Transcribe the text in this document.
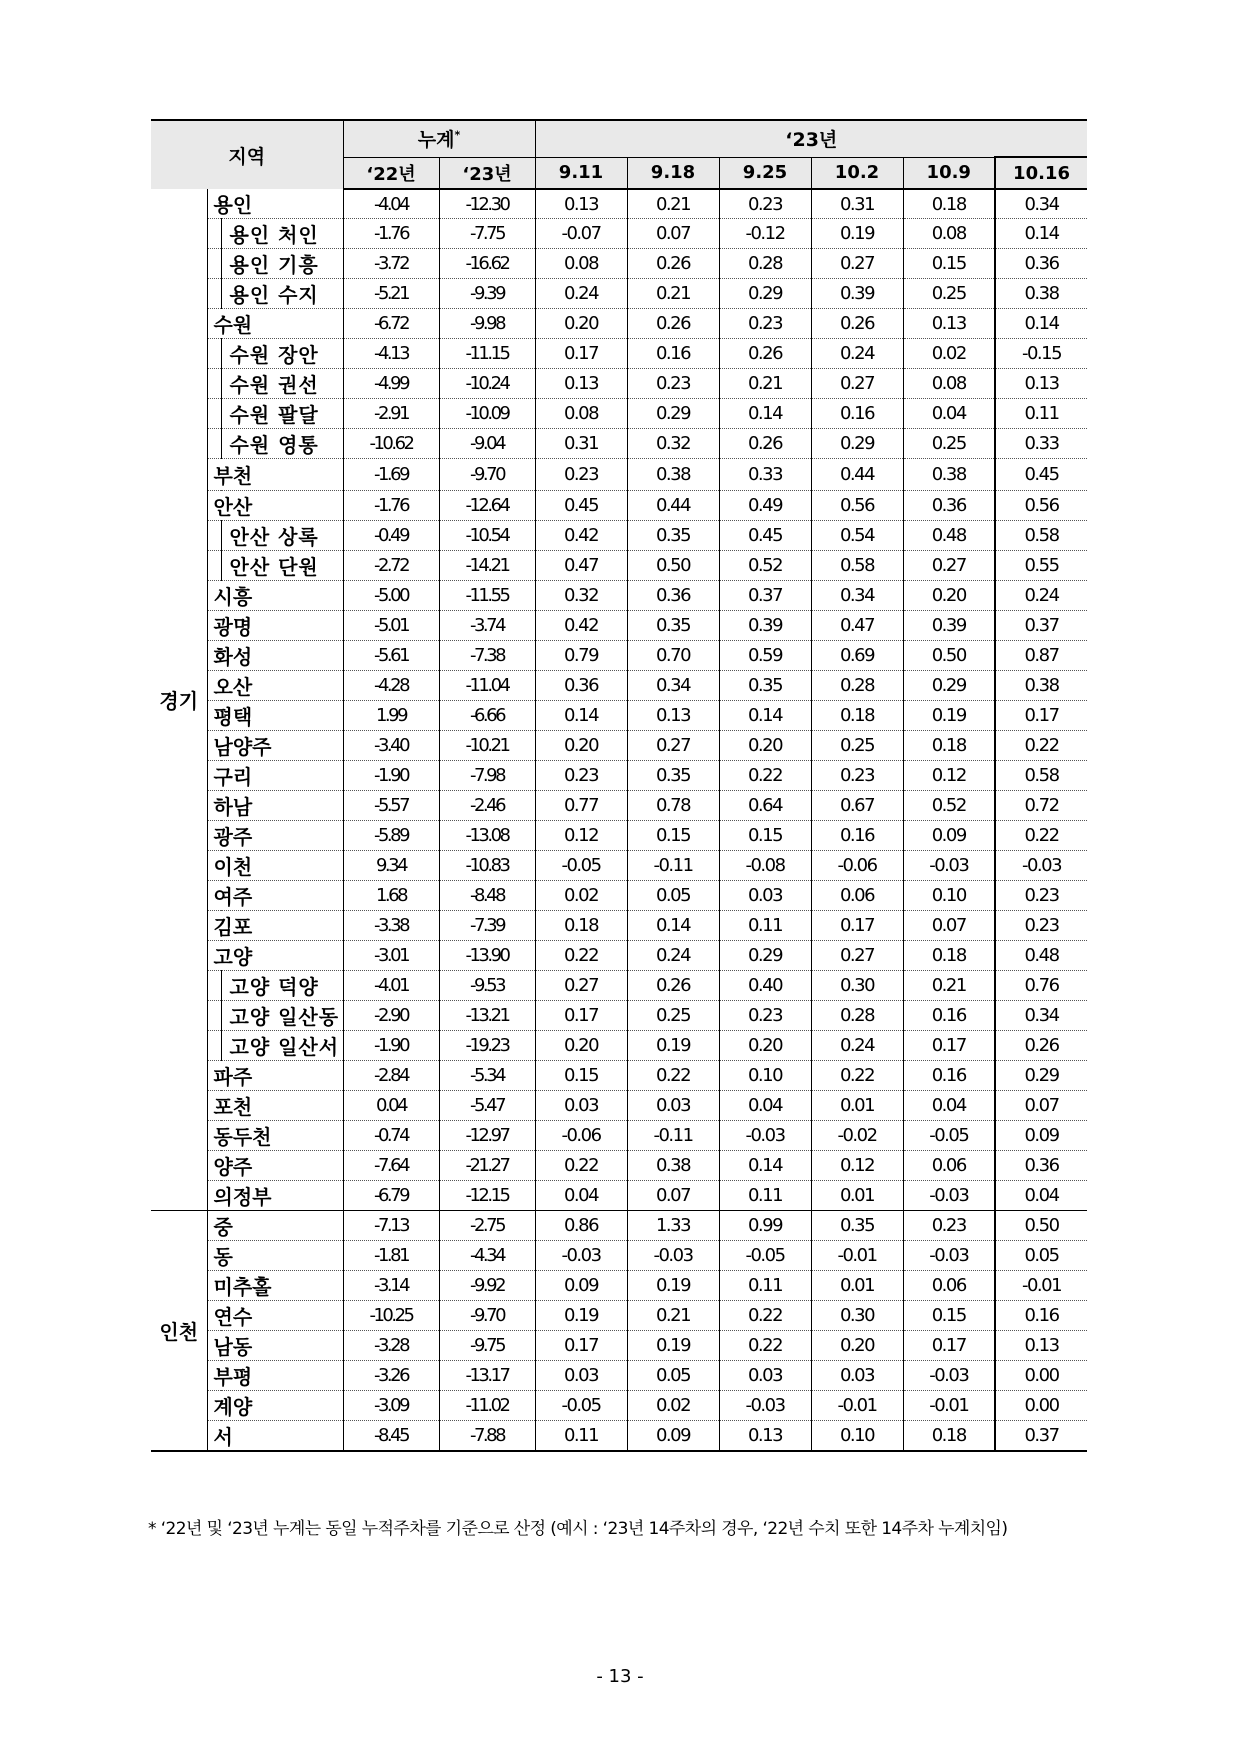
지역			누계*		‘23년					
			‘22년	‘23년	9.11	9.18	9.25	10.2	10.9	10.16
경기	용인		-4.04	-12.30	0.13	0.21	0.23	0.31	0.18	0.34
		용인 처인	-1.76	-7.75	-0.07	0.07	-0.12	0.19	0.08	0.14
		용인 기흥	-3.72	-16.62	0.08	0.26	0.28	0.27	0.15	0.36
		용인 수지	-5.21	-9.39	0.24	0.21	0.29	0.39	0.25	0.38
	수원		-6.72	-9.98	0.20	0.26	0.23	0.26	0.13	0.14
		수원 장안	-4.13	-11.15	0.17	0.16	0.26	0.24	0.02	-0.15
		수원 권선	-4.99	-10.24	0.13	0.23	0.21	0.27	0.08	0.13
		수원 팔달	-2.91	-10.09	0.08	0.29	0.14	0.16	0.04	0.11
		수원 영통	-10.62	-9.04	0.31	0.32	0.26	0.29	0.25	0.33
	부천		-1.69	-9.70	0.23	0.38	0.33	0.44	0.38	0.45
	안산		-1.76	-12.64	0.45	0.44	0.49	0.56	0.36	0.56
		안산 상록	-0.49	-10.54	0.42	0.35	0.45	0.54	0.48	0.58
		안산 단원	-2.72	-14.21	0.47	0.50	0.52	0.58	0.27	0.55
	시흥		-5.00	-11.55	0.32	0.36	0.37	0.34	0.20	0.24
	광명		-5.01	-3.74	0.42	0.35	0.39	0.47	0.39	0.37
	화성		-5.61	-7.38	0.79	0.70	0.59	0.69	0.50	0.87
	오산		-4.28	-11.04	0.36	0.34	0.35	0.28	0.29	0.38
	평택		1.99	-6.66	0.14	0.13	0.14	0.18	0.19	0.17
	남양주		-3.40	-10.21	0.20	0.27	0.20	0.25	0.18	0.22
	구리		-1.90	-7.98	0.23	0.35	0.22	0.23	0.12	0.58
	하남		-5.57	-2.46	0.77	0.78	0.64	0.67	0.52	0.72
	광주		-5.89	-13.08	0.12	0.15	0.15	0.16	0.09	0.22
	이천		9.34	-10.83	-0.05	-0.11	-0.08	-0.06	-0.03	-0.03
	여주		1.68	-8.48	0.02	0.05	0.03	0.06	0.10	0.23
	김포		-3.38	-7.39	0.18	0.14	0.11	0.17	0.07	0.23
	고양		-3.01	-13.90	0.22	0.24	0.29	0.27	0.18	0.48
		고양 덕양	-4.01	-9.53	0.27	0.26	0.40	0.30	0.21	0.76
		고양 일산동	-2.90	-13.21	0.17	0.25	0.23	0.28	0.16	0.34
		고양 일산서	-1.90	-19.23	0.20	0.19	0.20	0.24	0.17	0.26
	파주		-2.84	-5.34	0.15	0.22	0.10	0.22	0.16	0.29
	포천		0.04	-5.47	0.03	0.03	0.04	0.01	0.04	0.07
	동두천		-0.74	-12.97	-0.06	-0.11	-0.03	-0.02	-0.05	0.09
	양주		-7.64	-21.27	0.22	0.38	0.14	0.12	0.06	0.36
	의정부		-6.79	-12.15	0.04	0.07	0.11	0.01	-0.03	0.04
인천	중		-7.13	-2.75	0.86	1.33	0.99	0.35	0.23	0.50
	동		-1.81	-4.34	-0.03	-0.03	-0.05	-0.01	-0.03	0.05
	미추홀		-3.14	-9.92	0.09	0.19	0.11	0.01	0.06	-0.01
	연수		-10.25	-9.70	0.19	0.21	0.22	0.30	0.15	0.16
	남동		-3.28	-9.75	0.17	0.19	0.22	0.20	0.17	0.13
	부평		-3.26	-13.17	0.03	0.05	0.03	0.03	-0.03	0.00
	계양		-3.09	-11.02	-0.05	0.02	-0.03	-0.01	-0.01	0.00
	서		-8.45	-7.88	0.11	0.09	0.13	0.10	0.18	0.37
* ‘22년 및 ‘23년 누계는 동일 누적주차를 기준으로 산정 (예시 : ‘23년 14주차의 경우, ‘22년 수치 또한 14주차 누계치임)
- 13 -
